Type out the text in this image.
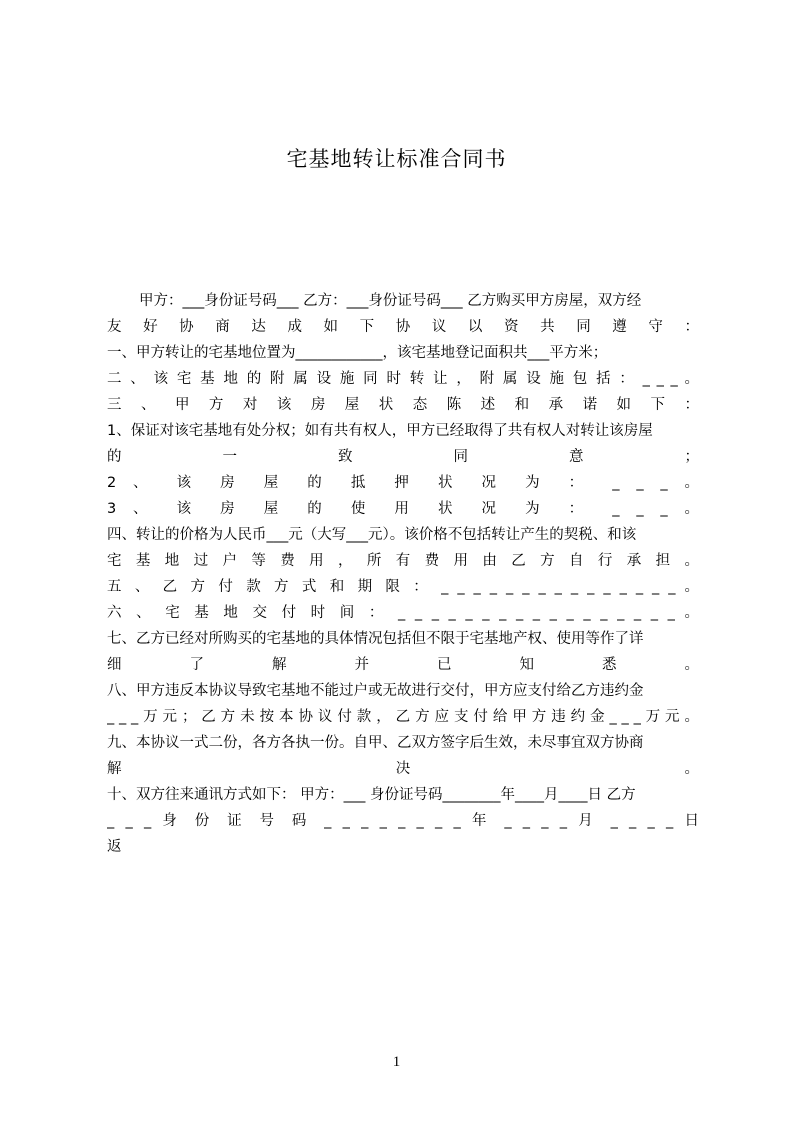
宅基地转让标准合同书
甲方：___身份证号码___ 乙方：___身份证号码___ 乙方购买甲方房屋，双方经
友 好 协 商 达 成 如 下 协 议 以 资 共 同 遵 守 ：
一、甲方转让的宅基地位置为____________，该宅基地登记面积共___平方米；
二 、 该 宅 基 地 的 附 属 设 施 同 时 转 让 ， 附 属 设 施 包 括 ： _ _ _ 。
三 、 甲 方 对 该 房 屋 状 态 陈 述 和 承 诺 如 下 ：
1、保证对该宅基地有处分权；如有共有权人，甲方已经取得了共有权人对转让该房屋
的 一 致 同 意 ；
2 、 该 房 屋 的 抵 押 状 况 为 ： _ _ _ 。
3 、 该 房 屋 的 使 用 状 况 为 ： _ _ _ 。
四、转让的价格为人民币___元（大写___元）。该价格不包括转让产生的契税、和该
宅 基 地 过 户 等 费 用 ， 所 有 费 用 由 乙 方 自 行 承 担 。
五 、 乙 方 付 款 方 式 和 期 限 ： _ _ _ _ _ _ _ _ _ _ _ _ _ _ _ 。
六 、 宅 基 地 交 付 时 间 ： _ _ _ _ _ _ _ _ _ _ _ _ _ _ _ _ _ 。
七、乙方已经对所购买的宅基地的具体情况包括但不限于宅基地产权、使用等作了详
细 了 解 并 已 知 悉 。
八、甲方违反本协议导致宅基地不能过户或无故进行交付，甲方应支付给乙方违约金
_ _ _ 万 元 ； 乙 方 未 按 本 协 议 付 款 ， 乙 方 应 支 付 给 甲 方 违 约 金 _ _ _ 万 元 。
九、本协议一式二份，各方各执一份。自甲、乙双方签字后生效，未尽事宜双方协商
解 决 。
十、双方往来通讯方式如下： 甲方：___ 身份证号码________年____月____日 乙方
_ _ _ 身 份 证 号 码 _ _ _ _ _ _ _ _ 年 _ _ _ _ 月 _ _ _ _ 日
返
1
